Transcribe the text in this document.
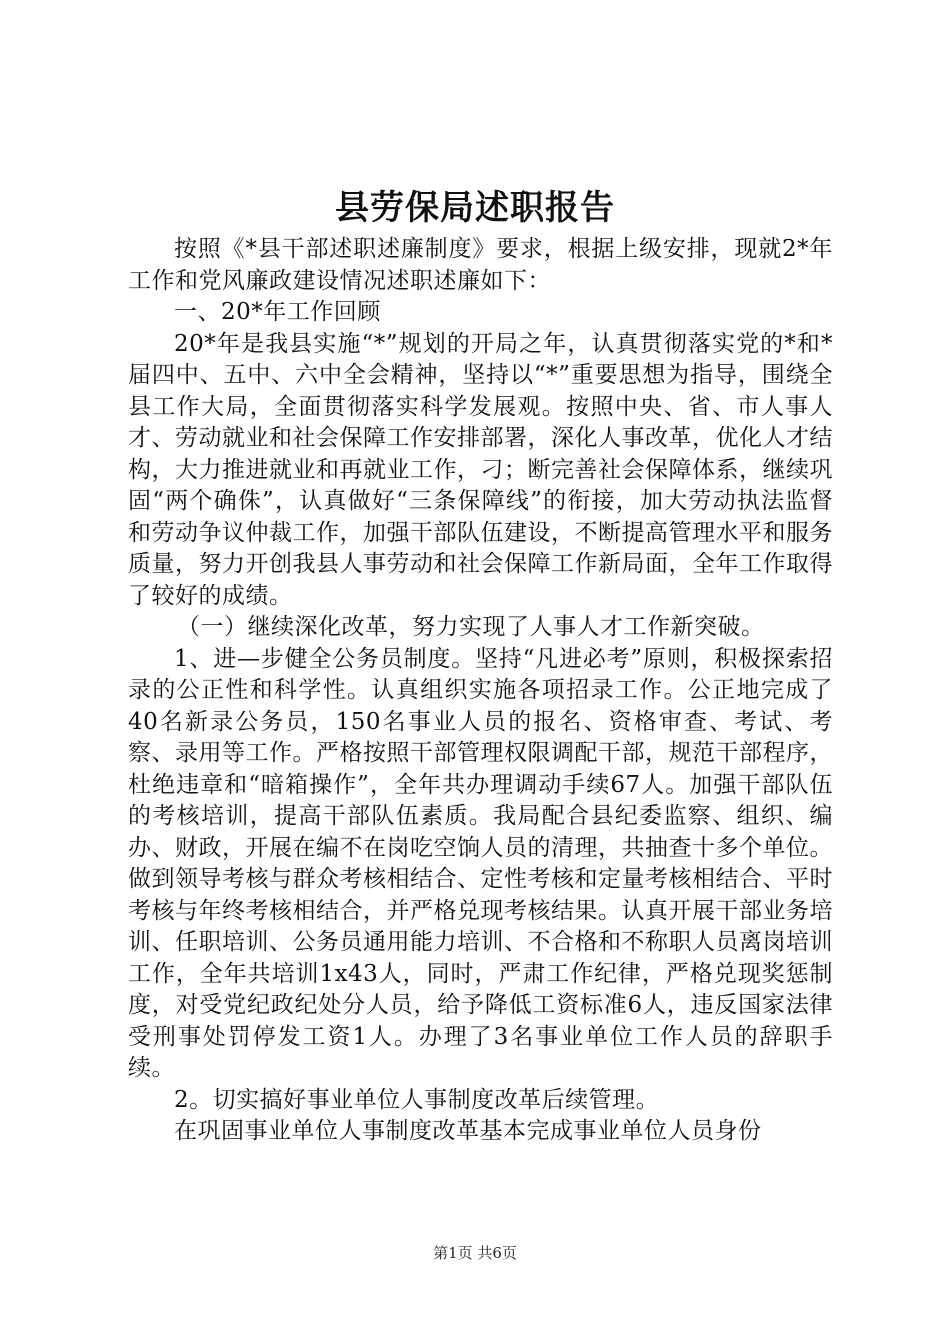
县劳保局述职报告

按照《*县干部述职述廉制度》要求，根据上级安排，现就2*年工作和党风廉政建设情况述职述廉如下：

一、20*年工作回顾

20*年是我县实施“*”规划的开局之年，认真贯彻落实党的*和*届四中、五中、六中全会精神，坚持以“*”重要思想为指导，围绕全县工作大局，全面贯彻落实科学发展观。按照中央、省、市人事人才、劳动就业和社会保障工作安排部署，深化人事改革，优化人才结构，大力推进就业和再就业工作，刁；断完善社会保障体系，继续巩固“两个确侏”，认真做好“三条保障线”的衔接，加大劳动执法监督和劳动争议仲裁工作，加强干部队伍建设，不断提高管理水平和服务质量，努力开创我县人事劳动和社会保障工作新局面，全年工作取得了较好的成绩。

（一）继续深化改革，努力实现了人事人才工作新突破。

1、进—步健全公务员制度。坚持“凡进必考”原则，积极探索招录的公正性和科学性。认真组织实施各项招录工作。公正地完成了40名新录公务员，150名事业人员的报名、资格审查、考试、考察、录用等工作。严格按照干部管理权限调配干部，规范干部程序，杜绝违章和“暗箱操作”，全年共办理调动手续67人。加强干部队伍的考核培训，提高干部队伍素质。我局配合县纪委监察、组织、编办、财政，开展在编不在岗吃空饷人员的清理，共抽查十多个单位。做到领导考核与群众考核相结合、定性考核和定量考核相结合、平时考核与年终考核相结合，并严格兑现考核结果。认真开展干部业务培训、任职培训、公务员通用能力培训、不合格和不称职人员离岗培训工作，全年共培训1x43人，同时，严肃工作纪律，严格兑现奖惩制度，对受党纪政纪处分人员，给予降低工资标准6人，违反国家法律受刑事处罚停发工资1人。办理了3名事业单位工作人员的辞职手续。

2。切实搞好事业单位人事制度改革后续管理。

在巩固事业单位人事制度改革基本完成事业单位人员身份

第1页 共6页
